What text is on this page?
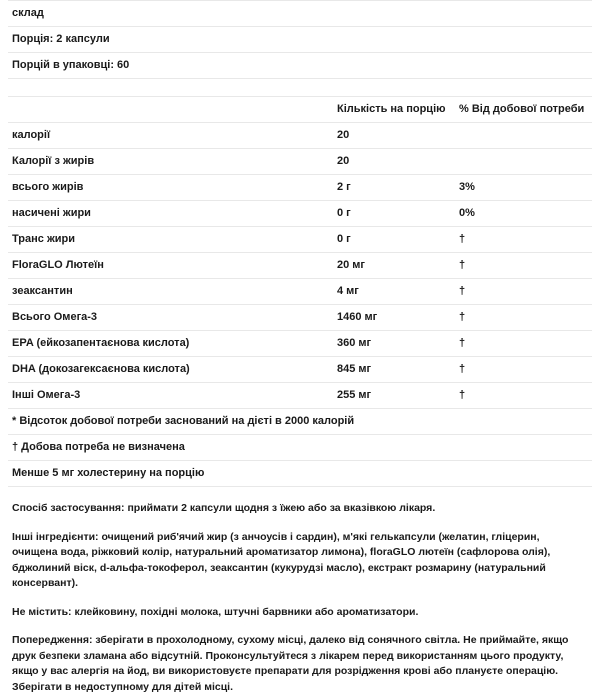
склад		
Порція: 2 капсули		
Порцій в упаковці: 60		

	Кількість на порцію	% Від добової потреби
калорії	20	
Калорії з жирів	20	
всього жирів	2 г	3%
насичені жири	0 г	0%
Транс жири	0 г	†
FloraGLO Лютеїн	20 мг	†
зеаксантин	4 мг	†
Всього Омега-3	1460 мг	†
EPA (ейкозапентаєнова кислота)	360 мг	†
DHA (докозагексаєнова кислота)	845 мг	†
Інші Омега-3	255 мг	†
* Відсоток добової потреби заснований на дієті в 2000 калорій		
† Добова потреба не визначена		
Менше 5 мг холестерину на порцію		

Спосіб застосування: приймати 2 капсули щодня з їжею або за вказівкою лікаря.

Інші інгредієнти: очищений риб'ячий жир (з анчоусів і сардин), м'які гелькапсули (желатин, гліцерин, очищена вода, ріжковий колір, натуральний ароматизатор лимона), floraGLO лютеїн (сафлорова олія), бджолиний віск, d-альфа-токоферол, зеаксантин (кукурудзі масло), екстракт розмарину (натуральний консервант).

Не містить: клейковину, похідні молока, штучні барвники або ароматизатори.

Попередження: зберігати в прохолодному, сухому місці, далеко від сонячного світла. Не приймайте, якщо друк безпеки зламана або відсутній. Проконсультуйтеся з лікарем перед використанням цього продукту, якщо у вас алергія на йод, ви використовуєте препарати для розрідження крові або плануєте операцію. Зберігати в недоступному для дітей місці.
